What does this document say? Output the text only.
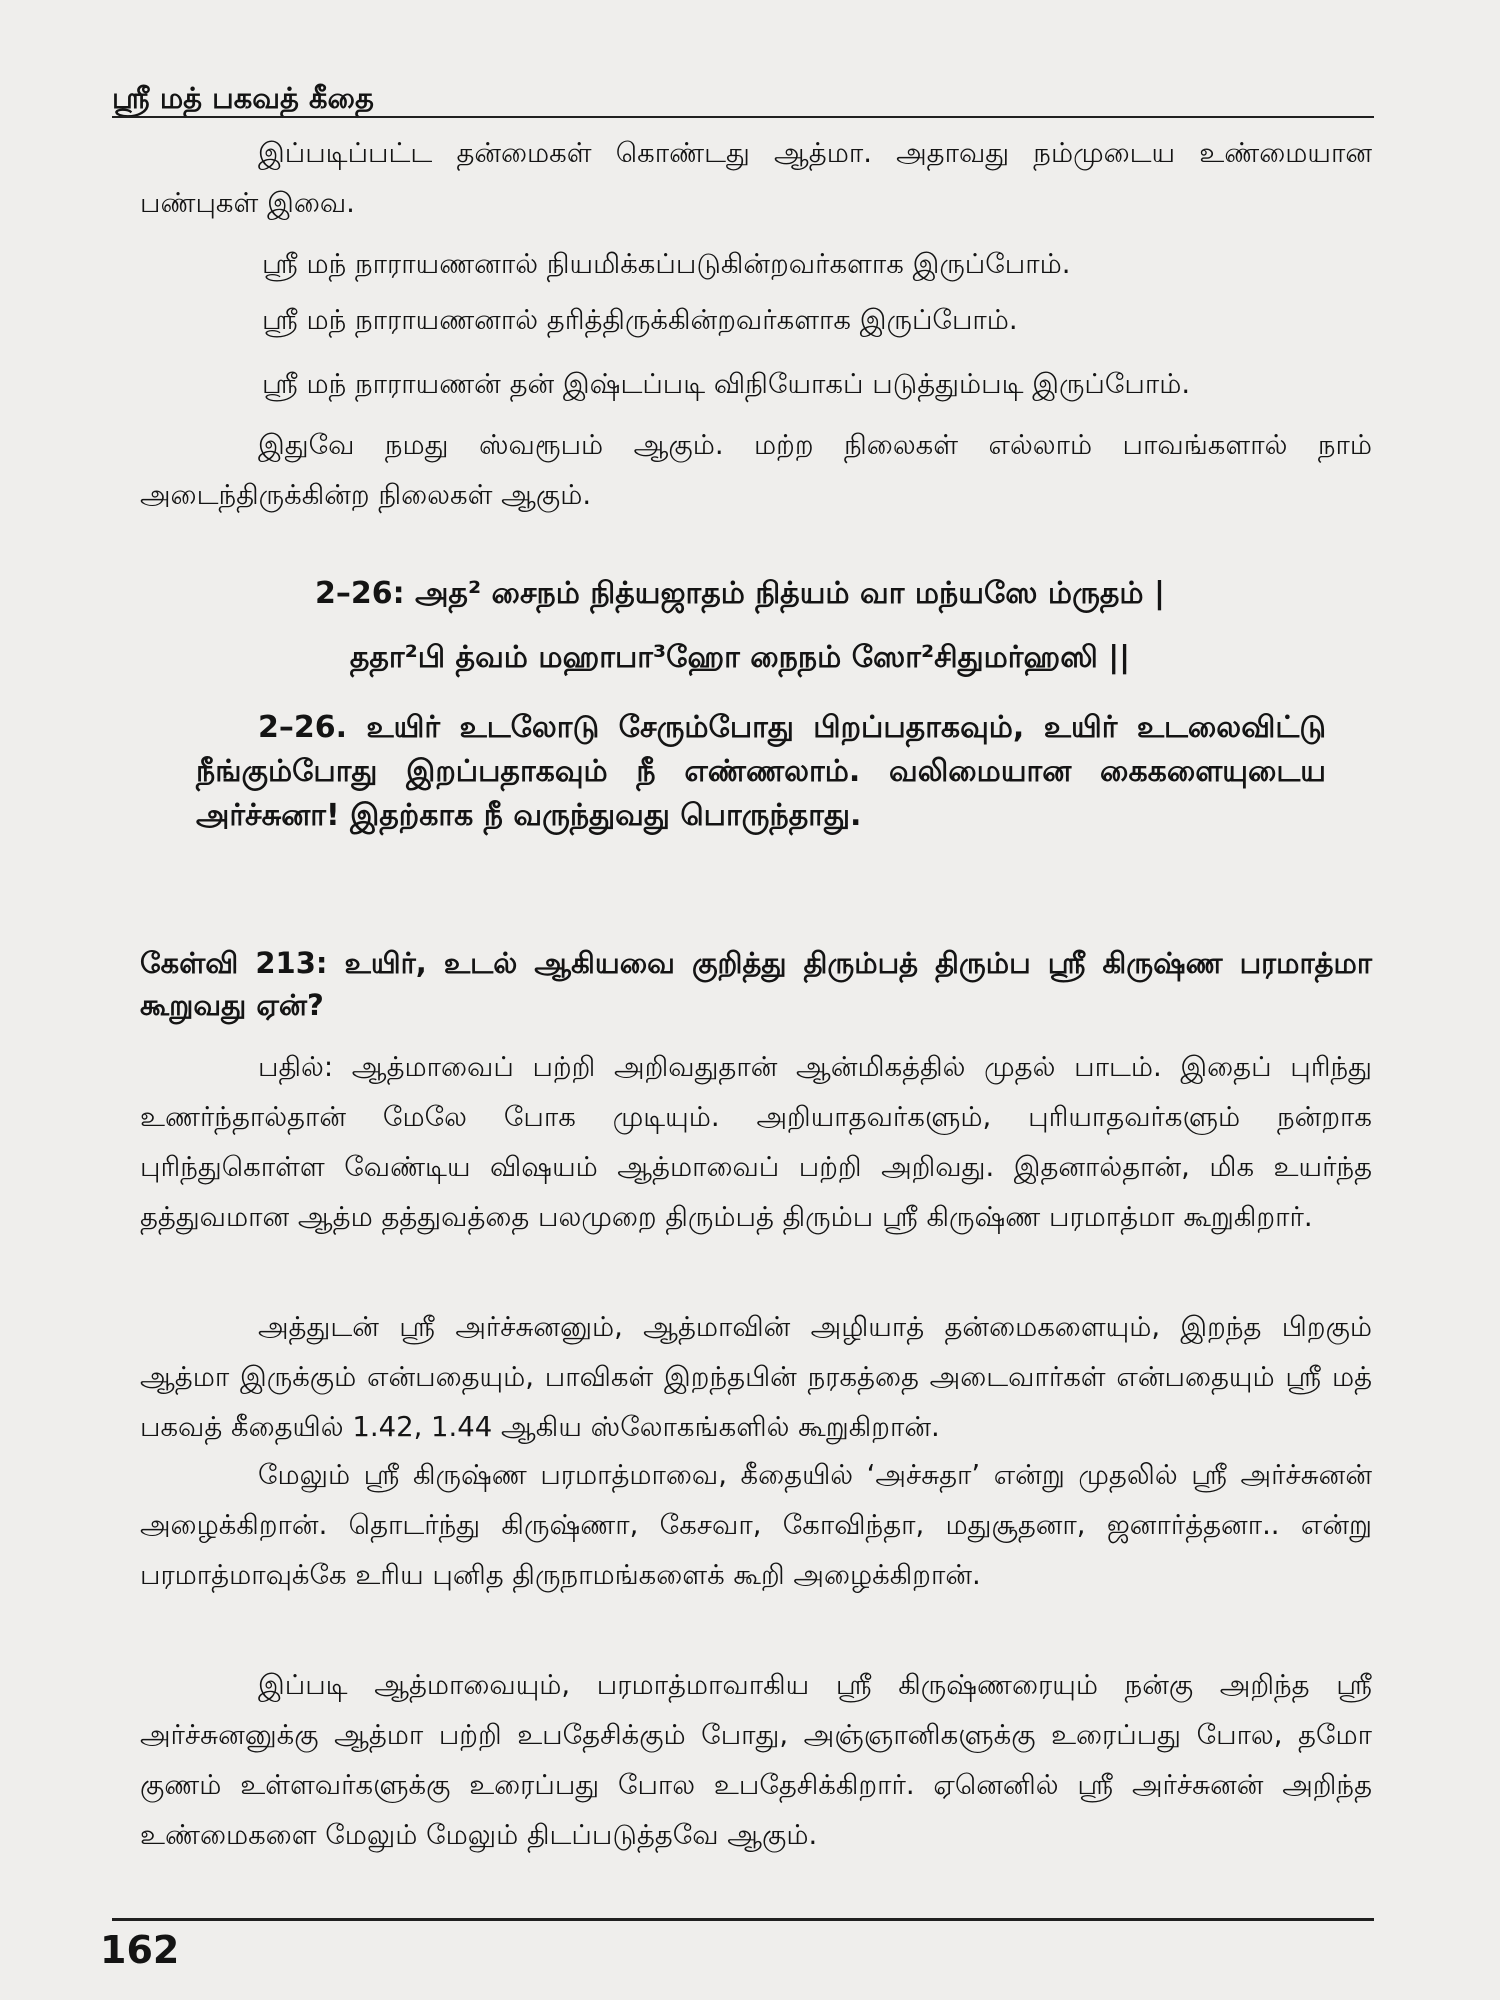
ஸ்ரீ மத் பகவத் கீதை
இப்படிப்பட்ட தன்மைகள் கொண்டது ஆத்மா. அதாவது நம்முடைய உண்மையான பண்புகள் இவை.
ஸ்ரீ மந் நாராயணனால் நியமிக்கப்படுகின்றவர்களாக இருப்போம்.
ஸ்ரீ மந் நாராயணனால் தரித்திருக்கின்றவர்களாக இருப்போம்.
ஸ்ரீ மந் நாராயணன் தன் இஷ்டப்படி விநியோகப் படுத்தும்படி இருப்போம்.
இதுவே நமது ஸ்வரூபம் ஆகும். மற்ற நிலைகள் எல்லாம் பாவங்களால் நாம் அடைந்திருக்கின்ற நிலைகள் ஆகும்.
2–26: அத² சைநம் நித்யஜாதம் நித்யம் வா மந்யஸே ம்ருதம் |
ததா²பி த்வம் மஹாபா³ஹோ நைநம் ஸோ²சிதுமர்ஹஸி ||
2–26. உயிர் உடலோடு சேரும்போது பிறப்பதாகவும், உயிர் உடலைவிட்டு நீங்கும்போது இறப்பதாகவும் நீ எண்ணலாம். வலிமையான கைகளையுடைய அர்ச்சுனா! இதற்காக நீ வருந்துவது பொருந்தாது.
கேள்வி 213: உயிர், உடல் ஆகியவை குறித்து திரும்பத் திரும்ப ஸ்ரீ கிருஷ்ண பரமாத்மா கூறுவது ஏன்?
பதில்: ஆத்மாவைப் பற்றி அறிவதுதான் ஆன்மிகத்தில் முதல் பாடம். இதைப் புரிந்து உணர்ந்தால்தான் மேலே போக முடியும். அறியாதவர்களும், புரியாதவர்களும் நன்றாக புரிந்துகொள்ள வேண்டிய விஷயம் ஆத்மாவைப் பற்றி அறிவது. இதனால்தான், மிக உயர்ந்த தத்துவமான ஆத்ம தத்துவத்தை பலமுறை திரும்பத் திரும்ப ஸ்ரீ கிருஷ்ண பரமாத்மா கூறுகிறார்.
அத்துடன் ஸ்ரீ அர்ச்சுனனும், ஆத்மாவின் அழியாத் தன்மைகளையும், இறந்த பிறகும் ஆத்மா இருக்கும் என்பதையும், பாவிகள் இறந்தபின் நரகத்தை அடைவார்கள் என்பதையும் ஸ்ரீ மத் பகவத் கீதையில் 1.42, 1.44 ஆகிய ஸ்லோகங்களில் கூறுகிறான்.
மேலும் ஸ்ரீ கிருஷ்ண பரமாத்மாவை, கீதையில் ‘அச்சுதா’ என்று முதலில் ஸ்ரீ அர்ச்சுனன் அழைக்கிறான். தொடர்ந்து கிருஷ்ணா, கேசவா, கோவிந்தா, மதுசூதனா, ஜனார்த்தனா.. என்று பரமாத்மாவுக்கே உரிய புனித திருநாமங்களைக் கூறி அழைக்கிறான்.
இப்படி ஆத்மாவையும், பரமாத்மாவாகிய ஸ்ரீ கிருஷ்ணரையும் நன்கு அறிந்த ஸ்ரீ அர்ச்சுனனுக்கு ஆத்மா பற்றி உபதேசிக்கும் போது, அஞ்ஞானிகளுக்கு உரைப்பது போல, தமோ குணம் உள்ளவர்களுக்கு உரைப்பது போல உபதேசிக்கிறார். ஏனெனில் ஸ்ரீ அர்ச்சுனன் அறிந்த உண்மைகளை மேலும் மேலும் திடப்படுத்தவே ஆகும்.
162
